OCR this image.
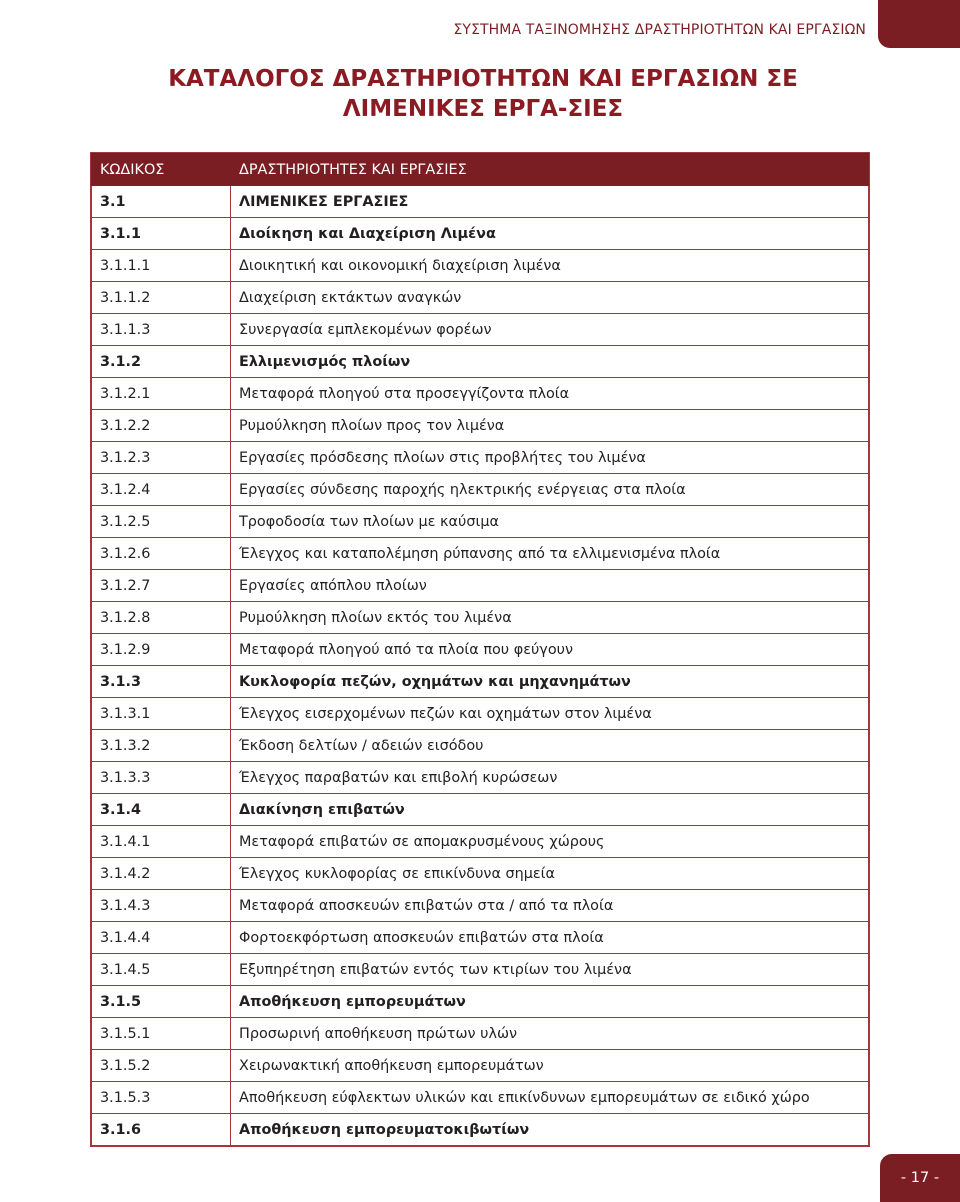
ΣΥΣΤΗΜΑ ΤΑΞΙΝΟΜΗΣΗΣ ΔΡΑΣΤΗΡΙΟΤΗΤΩΝ ΚΑΙ ΕΡΓΑΣΙΩΝ
ΚΑΤΑΛΟΓΟΣ ΔΡΑΣΤΗΡΙΟΤΗΤΩΝ ΚΑΙ ΕΡΓΑΣΙΩΝ ΣΕ ΛΙΜΕΝΙΚΕΣ ΕΡΓΑ-ΣΙΕΣ
ΚΩΔΙΚΟΣ	ΔΡΑΣΤΗΡΙΟΤΗΤΕΣ ΚΑΙ ΕΡΓΑΣΙΕΣ
3.1	ΛΙΜΕΝΙΚΕΣ ΕΡΓΑΣΙΕΣ
3.1.1	Διοίκηση και Διαχείριση Λιμένα
3.1.1.1	Διοικητική και οικονομική διαχείριση λιμένα
3.1.1.2	Διαχείριση εκτάκτων αναγκών
3.1.1.3	Συνεργασία εμπλεκομένων φορέων
3.1.2	Ελλιμενισμός πλοίων
3.1.2.1	Μεταφορά πλοηγού στα προσεγγίζοντα πλοία
3.1.2.2	Ρυμούλκηση πλοίων προς τον λιμένα
3.1.2.3	Εργασίες πρόσδεσης πλοίων στις προβλήτες του λιμένα
3.1.2.4	Εργασίες σύνδεσης παροχής ηλεκτρικής ενέργειας στα πλοία
3.1.2.5	Τροφοδοσία των πλοίων με καύσιμα
3.1.2.6	Έλεγχος και καταπολέμηση ρύπανσης από τα ελλιμενισμένα πλοία
3.1.2.7	Εργασίες απόπλου πλοίων
3.1.2.8	Ρυμούλκηση πλοίων εκτός του λιμένα
3.1.2.9	Μεταφορά πλοηγού από τα πλοία που φεύγουν
3.1.3	Κυκλοφορία πεζών, οχημάτων και μηχανημάτων
3.1.3.1	Έλεγχος εισερχομένων πεζών και οχημάτων στον λιμένα
3.1.3.2	Έκδοση δελτίων / αδειών εισόδου
3.1.3.3	Έλεγχος παραβατών και επιβολή κυρώσεων
3.1.4	Διακίνηση επιβατών
3.1.4.1	Μεταφορά επιβατών σε απομακρυσμένους χώρους
3.1.4.2	Έλεγχος κυκλοφορίας σε επικίνδυνα σημεία
3.1.4.3	Μεταφορά αποσκευών επιβατών στα / από τα πλοία
3.1.4.4	Φορτοεκφόρτωση αποσκευών επιβατών στα πλοία
3.1.4.5	Εξυπηρέτηση επιβατών εντός των κτιρίων του λιμένα
3.1.5	Αποθήκευση εμπορευμάτων
3.1.5.1	Προσωρινή αποθήκευση πρώτων υλών
3.1.5.2	Χειρωνακτική αποθήκευση εμπορευμάτων
3.1.5.3	Αποθήκευση εύφλεκτων υλικών και επικίνδυνων εμπορευμάτων σε ειδικό χώρο
3.1.6	Αποθήκευση εμπορευματοκιβωτίων
- 17 -
